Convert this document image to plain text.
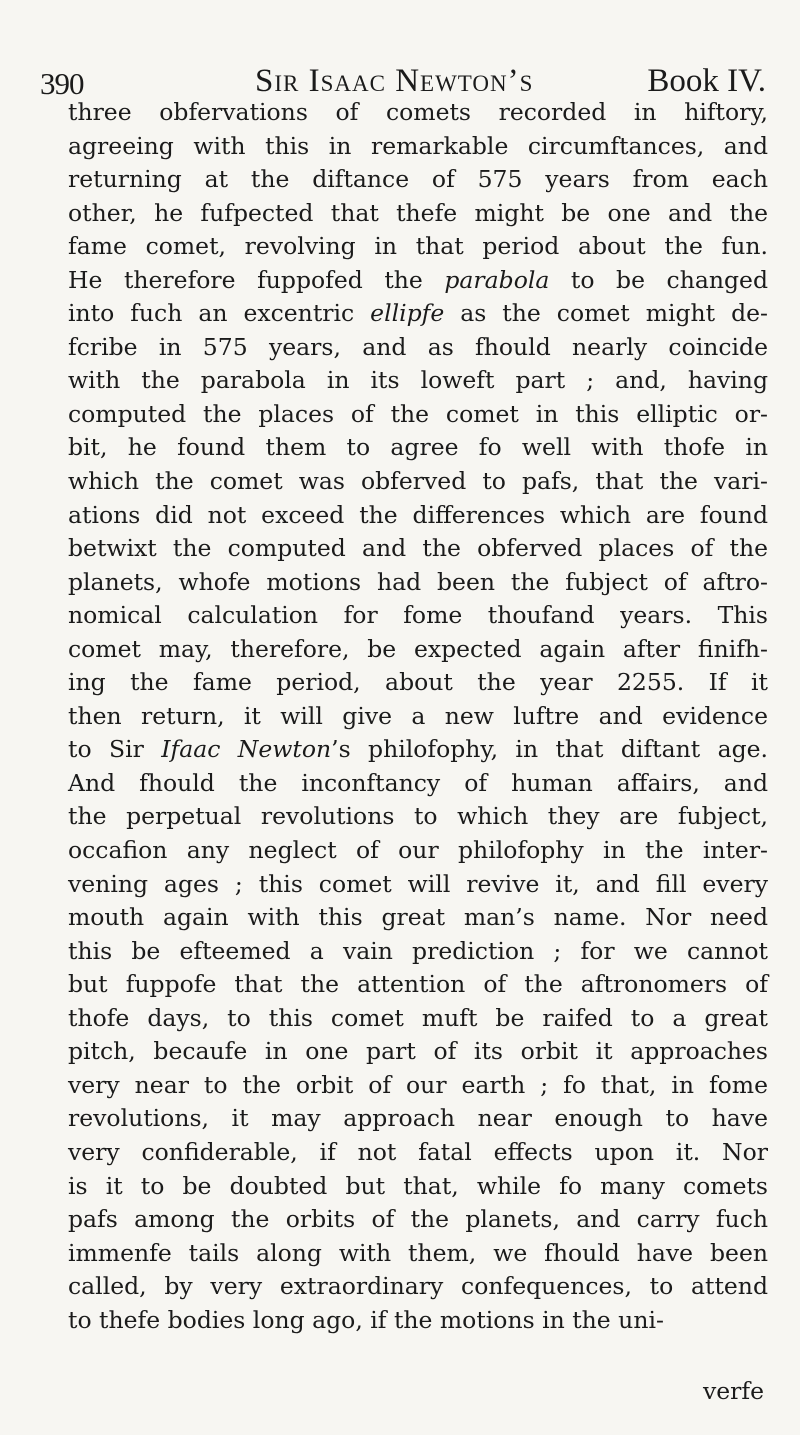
390	Sir Isaac Newton’s	Book IV.
three obfervations of comets recorded in hiftory,
agreeing with this in remarkable circumftances, and
returning at the diftance of 575 years from each
other, he fufpected that thefe might be one and the
fame comet, revolving in that period about the fun.
He therefore fuppofed the parabola to be changed
into fuch an excentric ellipfe as the comet might de-
fcribe in 575 years, and as fhould nearly coincide
with the parabola in its loweft part ; and, having
computed the places of the comet in this elliptic or-
bit, he found them to agree fo well with thofe in
which the comet was obferved to pafs, that the vari-
ations did not exceed the differences which are found
betwixt the computed and the obferved places of the
planets, whofe motions had been the fubject of aftro-
nomical calculation for fome thoufand years. This
comet may, therefore, be expected again after finifh-
ing the fame period, about the year 2255. If it
then return, it will give a new luftre and evidence
to Sir Ifaac Newton’s philofophy, in that diftant age.
And fhould the inconftancy of human affairs, and
the perpetual revolutions to which they are fubject,
occafion any neglect of our philofophy in the inter-
vening ages ; this comet will revive it, and fill every
mouth again with this great man’s name. Nor need
this be efteemed a vain prediction ; for we cannot
but fuppofe that the attention of the aftronomers of
thofe days, to this comet muft be raifed to a great
pitch, becaufe in one part of its orbit it approaches
very near to the orbit of our earth ; fo that, in fome
revolutions, it may approach near enough to have
very confiderable, if not fatal effects upon it. Nor
is it to be doubted but that, while fo many comets
pafs among the orbits of the planets, and carry fuch
immenfe tails along with them, we fhould have been
called, by very extraordinary confequences, to attend
to thefe bodies long ago, if the motions in the uni-
verfe
